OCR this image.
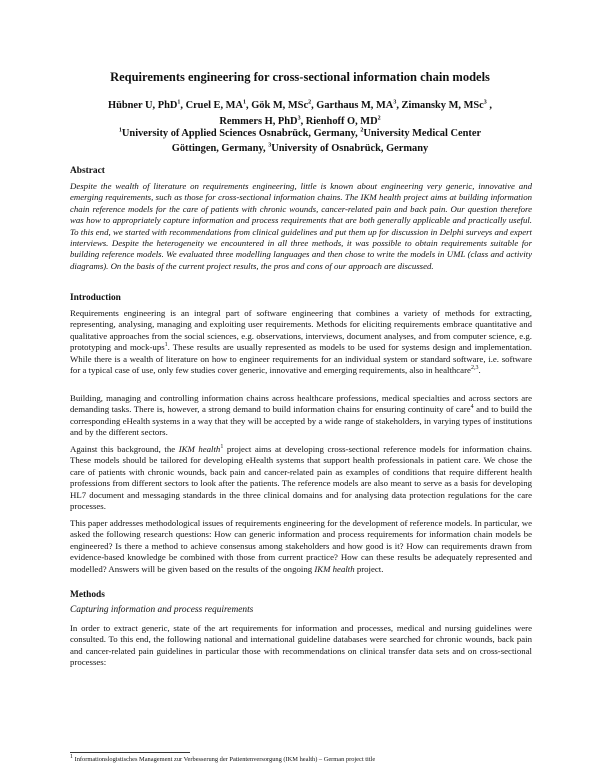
Requirements engineering for cross-sectional information chain models
Hübner U, PhD$^1$, Cruel E, $MA^1$, Gök M, MSc$^2$, Garthaus M, $MA^3$, Zimansky M, MSc$^3$ ,
Remmers H, PhD$^3$, Rienhoff O, $MD^2$
$^1$University of Applied Sciences Osnabrück, Germany, $^2$University Medical Center
Göttingen, Germany, $^3$University of Osnabrück, Germany
Abstract

Despite the wealth of literature on requirements engineering, little is known about engineering very generic, innovative and emerging requirements, such as those for cross-sectional information chains. The IKM health project aims at building information chain reference models for the care of patients with chronic wounds, cancer-related pain and back pain. Our question therefore was how to appropriately capture information and process requirements that are both generally applicable and practically useful. To this end, we started with recommendations from clinical guidelines and put them up for discussion in Delphi surveys and expert interviews. Despite the heterogeneity we encountered in all three methods, it was possible to obtain requirements suitable for building reference models. We evaluated three modelling languages and then chose to write the models in UML (class and activity diagrams). On the basis of the current project results, the pros and cons of our approach are discussed.

Introduction

Requirements engineering is an integral part of software engineering that combines a variety of methods for extracting, representing, analysing, managing and exploiting user requirements. Methods for eliciting requirements embrace quantitative and qualitative approaches from the social sciences, e.g. observations, interviews, document analyses, and from computer science, e.g. prototyping and mock-ups$^1$. These results are usually represented as models to be used for systems design and implementation. While there is a wealth of literature on how to engineer requirements for an individual system or standard software, i.e. software for a typical case of use, only few studies cover generic, innovative and emerging requirements, also in healthcare$^{2,3}$.

Building, managing and controlling information chains across healthcare professions, medical specialties and across sectors are demanding tasks. There is, however, a strong demand to build information chains for ensuring continuity of care$^4$ and to build the corresponding eHealth systems in a way that they will be accepted by a wide range of stakeholders, in varying types of institutions and by the different sectors.

Against this background, the IKM health$^1$ project aims at developing cross-sectional reference models for information chains. These models should be tailored for developing eHealth systems that support health professionals in patient care. We chose the care of patients with chronic wounds, back pain and cancer-related pain as examples of conditions that require different health professions from different sectors to look after the patients. The reference models are also meant to serve as a basis for developing HL7 document and messaging standards in the three clinical domains and for analysing data protection regulations for the care processes.

This paper addresses methodological issues of requirements engineering for the development of reference models. In particular, we asked the following research questions: How can generic information and process requirements for information chain models be engineered? Is there a method to achieve consensus among stakeholders and how good is it? How can requirements drawn from evidence-based knowledge be combined with those from current practice? How can these results be adequately represented and modelled? Answers will be given based on the results of the ongoing IKM health project.

Methods
Capturing information and process requirements

In order to extract generic, state of the art requirements for information and processes, medical and nursing guidelines were consulted. To this end, the following national and international guideline databases were searched for chronic wounds, back pain and cancer-related pain guidelines in particular those with recommendations on clinical transfer data sets and on cross-sectional processes:

$^1$ Informationslogistisches Management zur Verbesserung der Patientenversorgung (IKM health) – German project title
